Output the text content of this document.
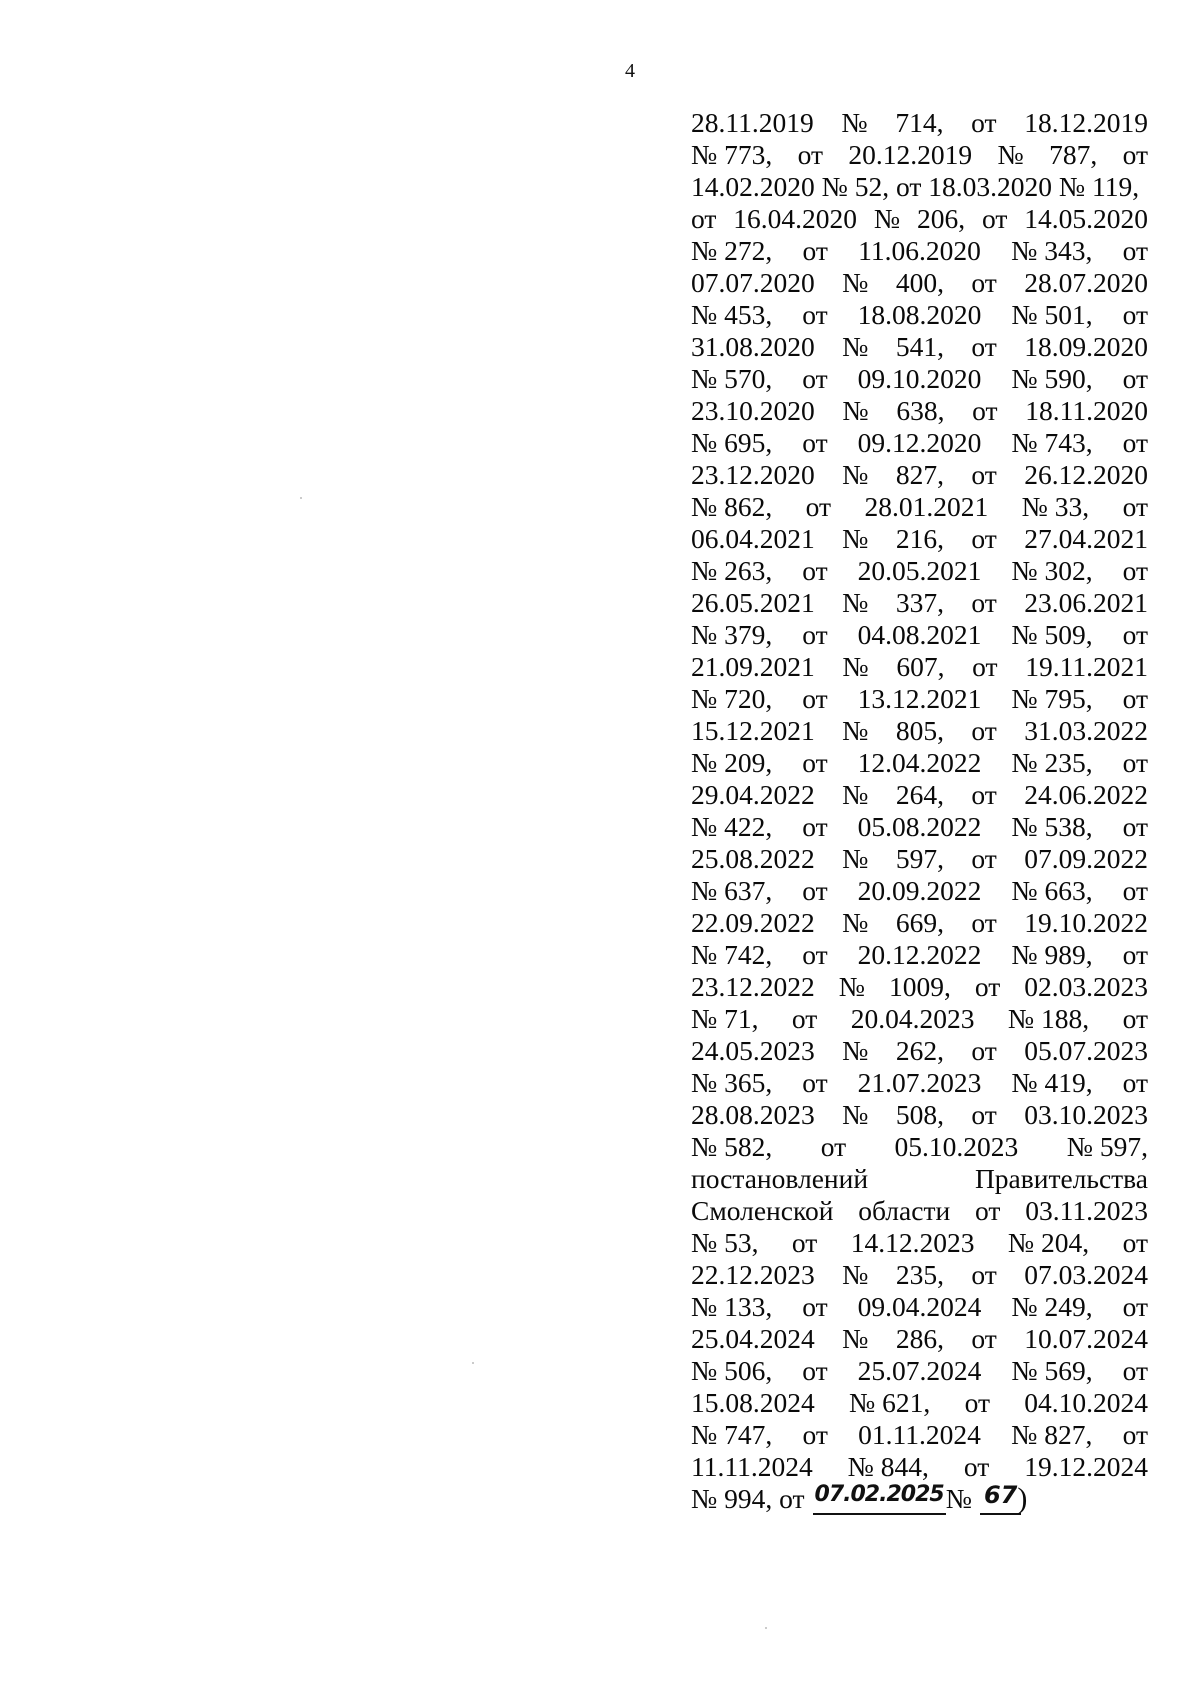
4
28.11.2019 № 714, от 18.12.2019
№ 773, от 20.12.2019 № 787, от
14.02.2020 № 52, от 18.03.2020 № 119,
от 16.04.2020 № 206, от 14.05.2020
№ 272, от 11.06.2020 № 343, от
07.07.2020 № 400, от 28.07.2020
№ 453, от 18.08.2020 № 501, от
31.08.2020 № 541, от 18.09.2020
№ 570, от 09.10.2020 № 590, от
23.10.2020 № 638, от 18.11.2020
№ 695, от 09.12.2020 № 743, от
23.12.2020 № 827, от 26.12.2020
№ 862, от 28.01.2021 № 33, от
06.04.2021 № 216, от 27.04.2021
№ 263, от 20.05.2021 № 302, от
26.05.2021 № 337, от 23.06.2021
№ 379, от 04.08.2021 № 509, от
21.09.2021 № 607, от 19.11.2021
№ 720, от 13.12.2021 № 795, от
15.12.2021 № 805, от 31.03.2022
№ 209, от 12.04.2022 № 235, от
29.04.2022 № 264, от 24.06.2022
№ 422, от 05.08.2022 № 538, от
25.08.2022 № 597, от 07.09.2022
№ 637, от 20.09.2022 № 663, от
22.09.2022 № 669, от 19.10.2022
№ 742, от 20.12.2022 № 989, от
23.12.2022 № 1009, от 02.03.2023
№ 71, от 20.04.2023 № 188, от
24.05.2023 № 262, от 05.07.2023
№ 365, от 21.07.2023 № 419, от
28.08.2023 № 508, от 03.10.2023
№ 582, от 05.10.2023 № 597,
постановлений	Правительства
Смоленской области от 03.11.2023
№ 53, от 14.12.2023 № 204, от
22.12.2023 № 235, от 07.03.2024
№ 133, от 09.04.2024 № 249, от
25.04.2024 № 286, от 10.07.2024
№ 506, от 25.07.2024 № 569, от
15.08.2024 № 621, от 04.10.2024
№ 747, от 01.11.2024 № 827, от
11.11.2024 № 844, от 19.12.2024
№ 994, от 07.02.2025 № 67 )
